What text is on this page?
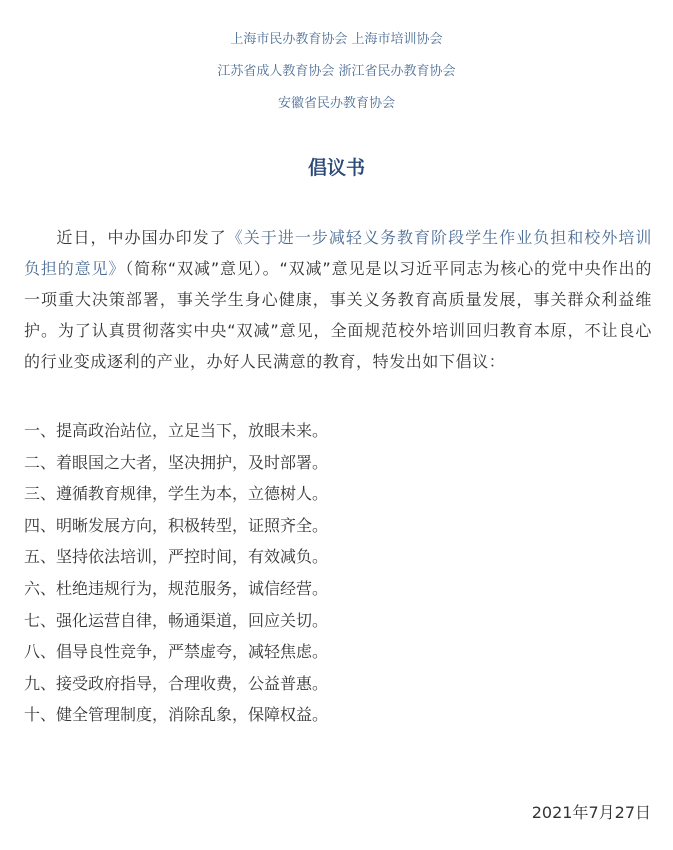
上海市民办教育协会 上海市培训协会
江苏省成人教育协会 浙江省民办教育协会
安徽省民办教育协会
倡议书
近日，中办国办印发了《关于进一步减轻义务教育阶段学生作业负担和校外培训负担的意见》（简称“双减”意见）。“双减”意见是以习近平同志为核心的党中央作出的一项重大决策部署，事关学生身心健康，事关义务教育高质量发展，事关群众利益维护。为了认真贯彻落实中央“双减”意见，全面规范校外培训回归教育本原，不让良心的行业变成逐利的产业，办好人民满意的教育，特发出如下倡议：
一、提高政治站位，立足当下，放眼未来。
二、着眼国之大者，坚决拥护，及时部署。
三、遵循教育规律，学生为本，立德树人。
四、明晰发展方向，积极转型，证照齐全。
五、坚持依法培训，严控时间，有效减负。
六、杜绝违规行为，规范服务，诚信经营。
七、强化运营自律，畅通渠道，回应关切。
八、倡导良性竞争，严禁虚夸，减轻焦虑。
九、接受政府指导，合理收费，公益普惠。
十、健全管理制度，消除乱象，保障权益。
2021年7月27日
